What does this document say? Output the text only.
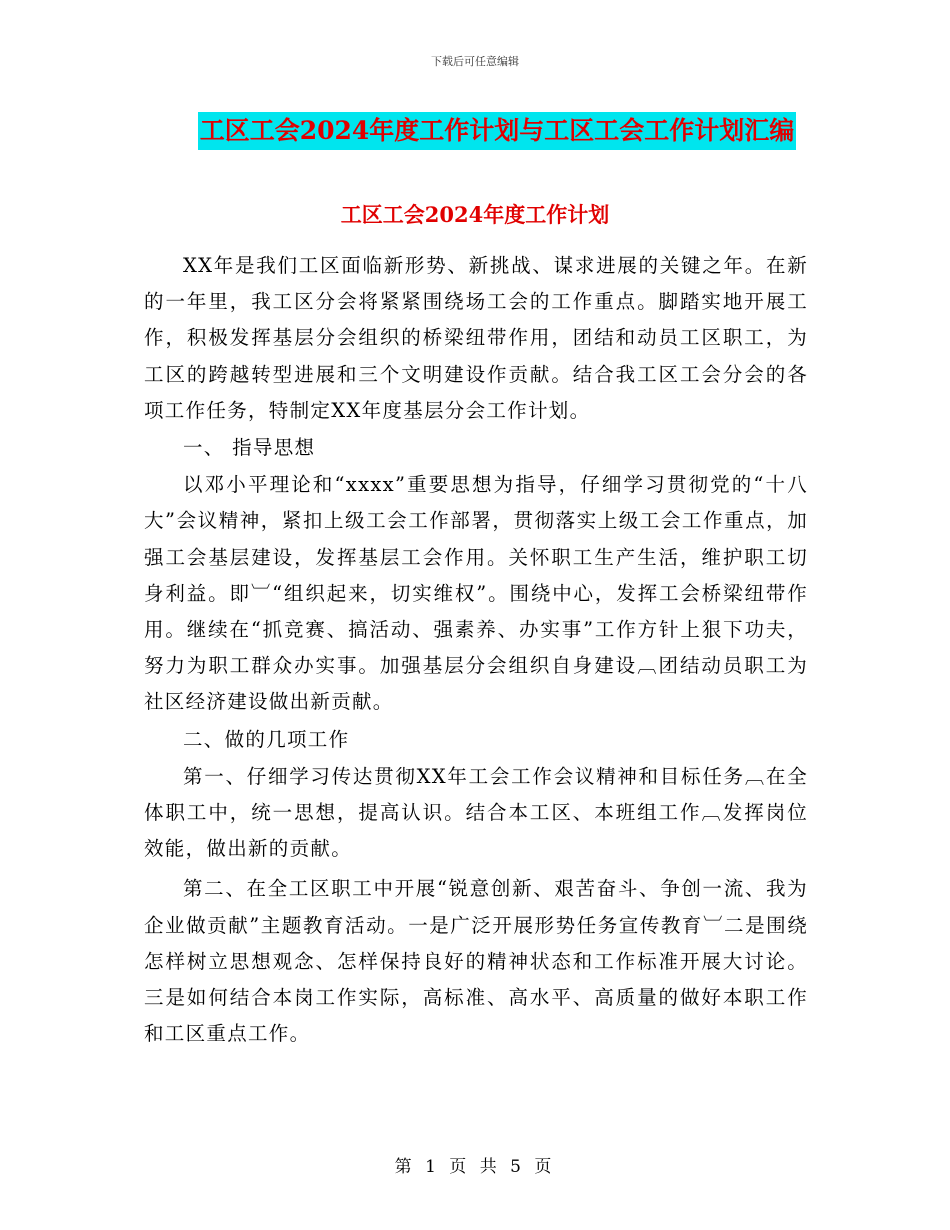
下载后可任意编辑
工区工会2024年度工作计划与工区工会工作计划汇编
工区工会2024年度工作计划

XX年是我们工区面临新形势、新挑战、谋求进展的关键之年。在新的一年里，我工区分会将紧紧围绕场工会的工作重点。脚踏实地开展工作，积极发挥基层分会组织的桥梁纽带作用，团结和动员工区职工，为工区的跨越转型进展和三个文明建设作贡献。结合我工区工会分会的各项工作任务，特制定XX年度基层分会工作计划。

一、 指导思想

以邓小平理论和“xxxx”重要思想为指导，仔细学习贯彻党的“十八大”会议精神，紧扣上级工会工作部署，贯彻落实上级工会工作重点，加强工会基层建设，发挥基层工会作用。关怀职工生产生活，维护职工切身利益。即︺“组织起来，切实维权”。围绕中心，发挥工会桥梁纽带作用。继续在“抓竞赛、搞活动、强素养、办实事”工作方针上狠下功夫，努力为职工群众办实事。加强基层分会组织自身建设︹团结动员职工为社区经济建设做出新贡献。

二、做的几项工作

第一、仔细学习传达贯彻XX年工会工作会议精神和目标任务︹在全体职工中，统一思想，提高认识。结合本工区、本班组工作︹发挥岗位效能，做出新的贡献。

第二、在全工区职工中开展“锐意创新、艰苦奋斗、争创一流、我为企业做贡献”主题教育活动。一是广泛开展形势任务宣传教育︺二是围绕怎样树立思想观念、怎样保持良好的精神状态和工作标准开展大讨论。三是如何结合本岗工作实际，高标准、高水平、高质量的做好本职工作和工区重点工作。

第 1 页 共 5 页
